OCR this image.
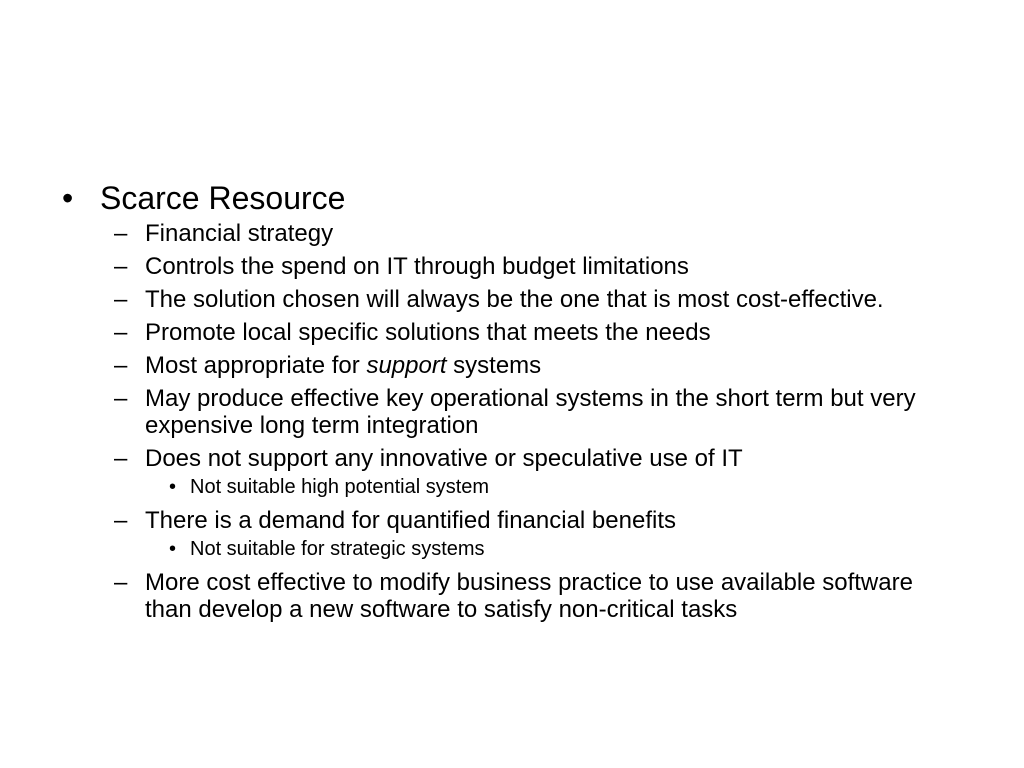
• Scarce Resource
– Financial strategy
– Controls the spend on IT through budget limitations
– The solution chosen will always be the one that is most cost-effective.
– Promote local specific solutions that meets the needs
– Most appropriate for support systems
– May produce effective key operational systems in the short term but very expensive long term integration
– Does not support any innovative or speculative use of IT
• Not suitable high potential system
– There is a demand for quantified financial benefits
• Not suitable for strategic systems
– More cost effective to modify business practice to use available software than develop a new software to satisfy non-critical tasks
